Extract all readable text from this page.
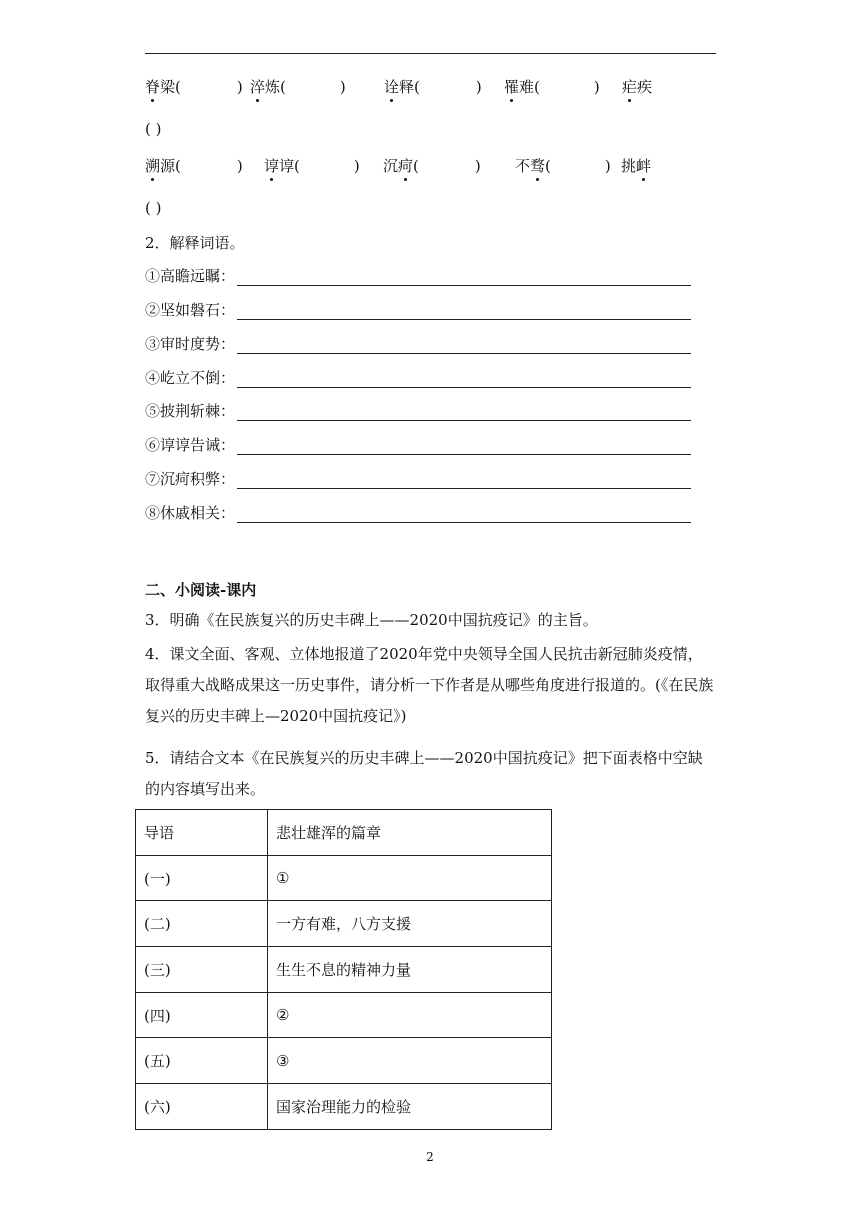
脊梁(	) 淬炼(	)	诠释(	) 罹难(	) 疟疾
( )
溯源(	) 谆谆(	) 沉疴(	) 不骛(	) 挑衅
( )
2．解释词语。
①高瞻远瞩：
②坚如磐石：
③审时度势：
④屹立不倒：
⑤披荆斩棘：
⑥谆谆告诫：
⑦沉疴积弊：
⑧休戚相关：
二、小阅读-课内
3．明确《在民族复兴的历史丰碑上——2020中国抗疫记》的主旨。
4．课文全面、客观、立体地报道了2020年党中央领导全国人民抗击新冠肺炎疫情，取得重大战略成果这一历史事件，请分析一下作者是从哪些角度进行报道的。(《在民族复兴的历史丰碑上—2020中国抗疫记》)
5．请结合文本《在民族复兴的历史丰碑上——2020中国抗疫记》把下面表格中空缺的内容填写出来。
导语	悲壮雄浑的篇章
(一)	①
(二)	一方有难，八方支援
(三)	生生不息的精神力量
(四)	②
(五)	③
(六)	国家治理能力的检验
2
